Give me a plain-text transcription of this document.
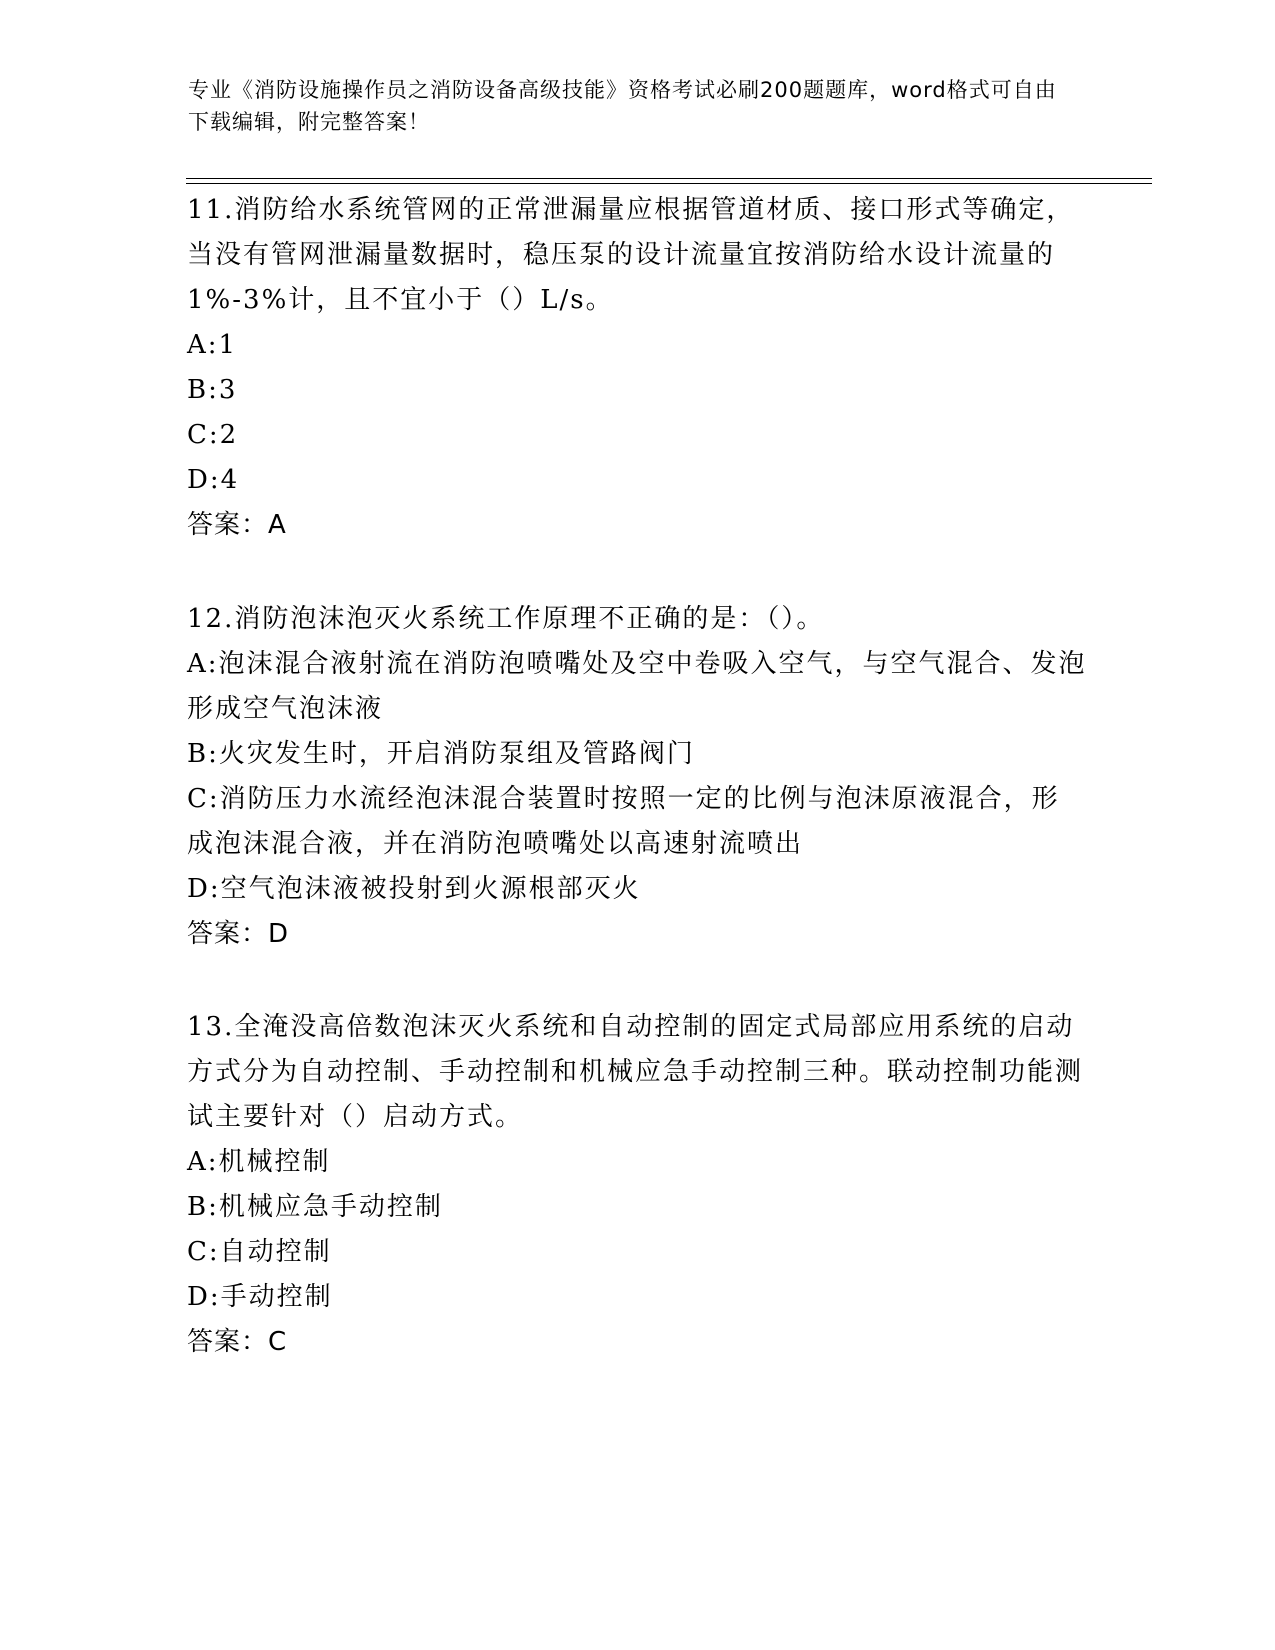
专业《消防设施操作员之消防设备高级技能》资格考试必刷200题题库，word格式可自由下载编辑，附完整答案！

11.消防给水系统管网的正常泄漏量应根据管道材质、接口形式等确定，当没有管网泄漏量数据时，稳压泵的设计流量宜按消防给水设计流量的1%-3%计，且不宜小于（）L/s。

A:1

B:3

C:2

D:4

答案：A

12.消防泡沫泡灭火系统工作原理不正确的是：（）。

A:泡沫混合液射流在消防泡喷嘴处及空中卷吸入空气，与空气混合、发泡形成空气泡沫液

B:火灾发生时，开启消防泵组及管路阀门

C:消防压力水流经泡沫混合装置时按照一定的比例与泡沫原液混合，形成泡沫混合液，并在消防泡喷嘴处以高速射流喷出

D:空气泡沫液被投射到火源根部灭火

答案：D

13.全淹没高倍数泡沫灭火系统和自动控制的固定式局部应用系统的启动方式分为自动控制、手动控制和机械应急手动控制三种。联动控制功能测试主要针对（）启动方式。

A:机械控制

B:机械应急手动控制

C:自动控制

D:手动控制

答案：C
